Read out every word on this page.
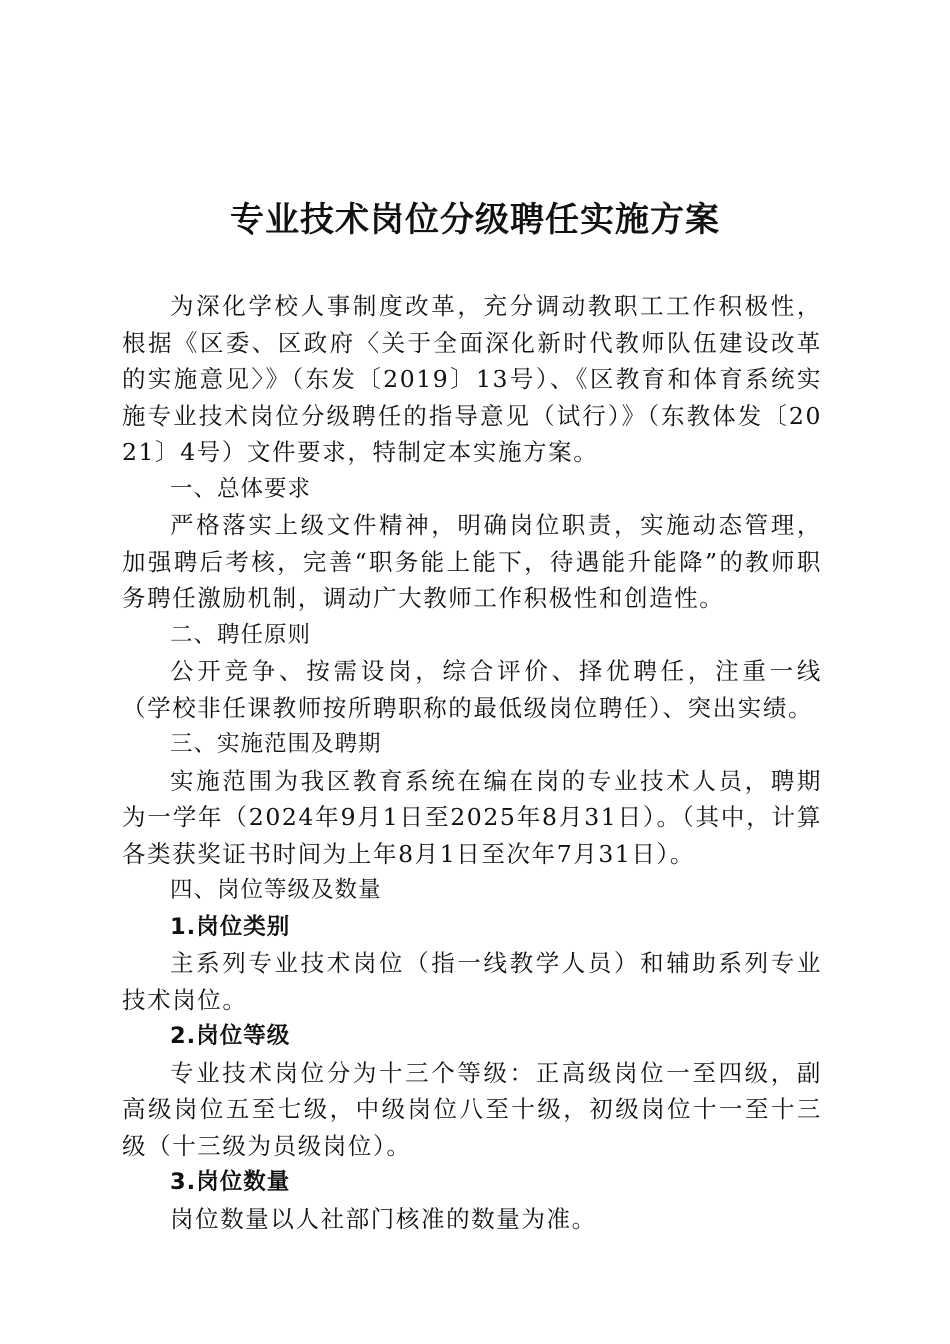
专业技术岗位分级聘任实施方案

为深化学校人事制度改革，充分调动教职工工作积极性，根据《区委、区政府〈关于全面深化新时代教师队伍建设改革的实施意见〉》（东发〔2019〕13号）、《区教育和体育系统实施专业技术岗位分级聘任的指导意见（试行）》（东教体发〔2021〕4号）文件要求，特制定本实施方案。

一、总体要求

严格落实上级文件精神，明确岗位职责，实施动态管理，加强聘后考核，完善“职务能上能下，待遇能升能降”的教师职务聘任激励机制，调动广大教师工作积极性和创造性。

二、聘任原则

公开竞争、按需设岗，综合评价、择优聘任，注重一线（学校非任课教师按所聘职称的最低级岗位聘任）、突出实绩。

三、实施范围及聘期

实施范围为我区教育系统在编在岗的专业技术人员，聘期为一学年（2024年9月1日至2025年8月31日）。（其中，计算各类获奖证书时间为上年8月1日至次年7月31日）。

四、岗位等级及数量

1.岗位类别

主系列专业技术岗位（指一线教学人员）和辅助系列专业技术岗位。

2.岗位等级

专业技术岗位分为十三个等级：正高级岗位一至四级，副高级岗位五至七级，中级岗位八至十级，初级岗位十一至十三级（十三级为员级岗位）。

3.岗位数量

岗位数量以人社部门核准的数量为准。
